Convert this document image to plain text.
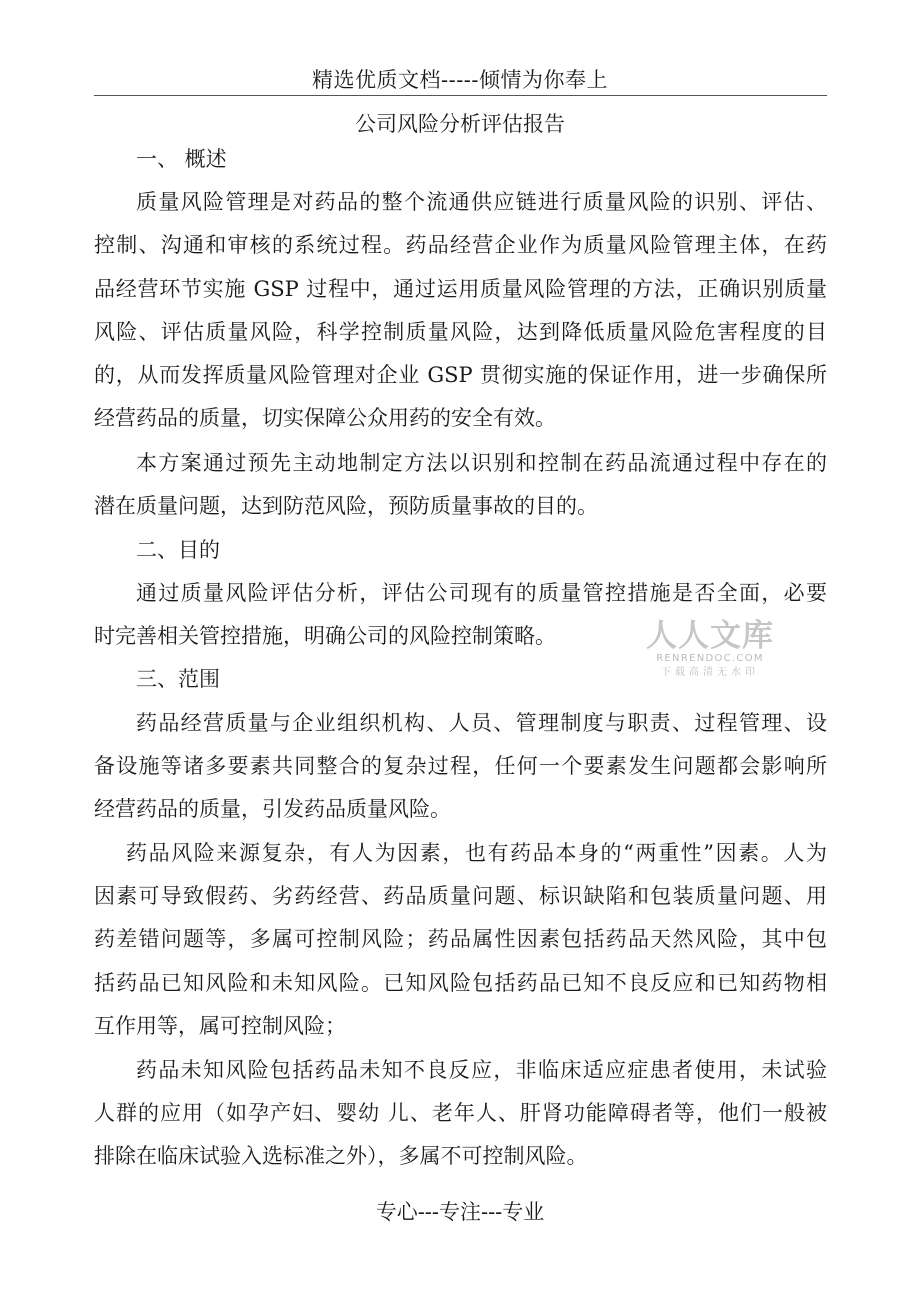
精选优质文档-----倾情为你奉上
公司风险分析评估报告
一、 概述
质量风险管理是对药品的整个流通供应链进行质量风险的识别、评估、
控制、沟通和审核的系统过程。药品经营企业作为质量风险管理主体，在药
品经营环节实施 GSP 过程中，通过运用质量风险管理的方法，正确识别质量
风险、评估质量风险，科学控制质量风险，达到降低质量风险危害程度的目
的，从而发挥质量风险管理对企业 GSP 贯彻实施的保证作用，进一步确保所
经营药品的质量，切实保障公众用药的安全有效。
本方案通过预先主动地制定方法以识别和控制在药品流通过程中存在的
潜在质量问题，达到防范风险，预防质量事故的目的。
二、目的
通过质量风险评估分析，评估公司现有的质量管控措施是否全面，必要
时完善相关管控措施，明确公司的风险控制策略。
三、范围
药品经营质量与企业组织机构、人员、管理制度与职责、过程管理、设
备设施等诸多要素共同整合的复杂过程，任何一个要素发生问题都会影响所
经营药品的质量，引发药品质量风险。
药品风险来源复杂，有人为因素，也有药品本身的“两重性”因素。人为
因素可导致假药、劣药经营、药品质量问题、标识缺陷和包装质量问题、用
药差错问题等，多属可控制风险；药品属性因素包括药品天然风险，其中包
括药品已知风险和未知风险。已知风险包括药品已知不良反应和已知药物相
互作用等，属可控制风险；
药品未知风险包括药品未知不良反应，非临床适应症患者使用，未试验
人群的应用（如孕产妇、婴幼 儿、老年人、肝肾功能障碍者等，他们一般被
排除在临床试验入选标准之外），多属不可控制风险。
人人文库
RENRENDOC.COM
下载高清无水印
专心---专注---专业
